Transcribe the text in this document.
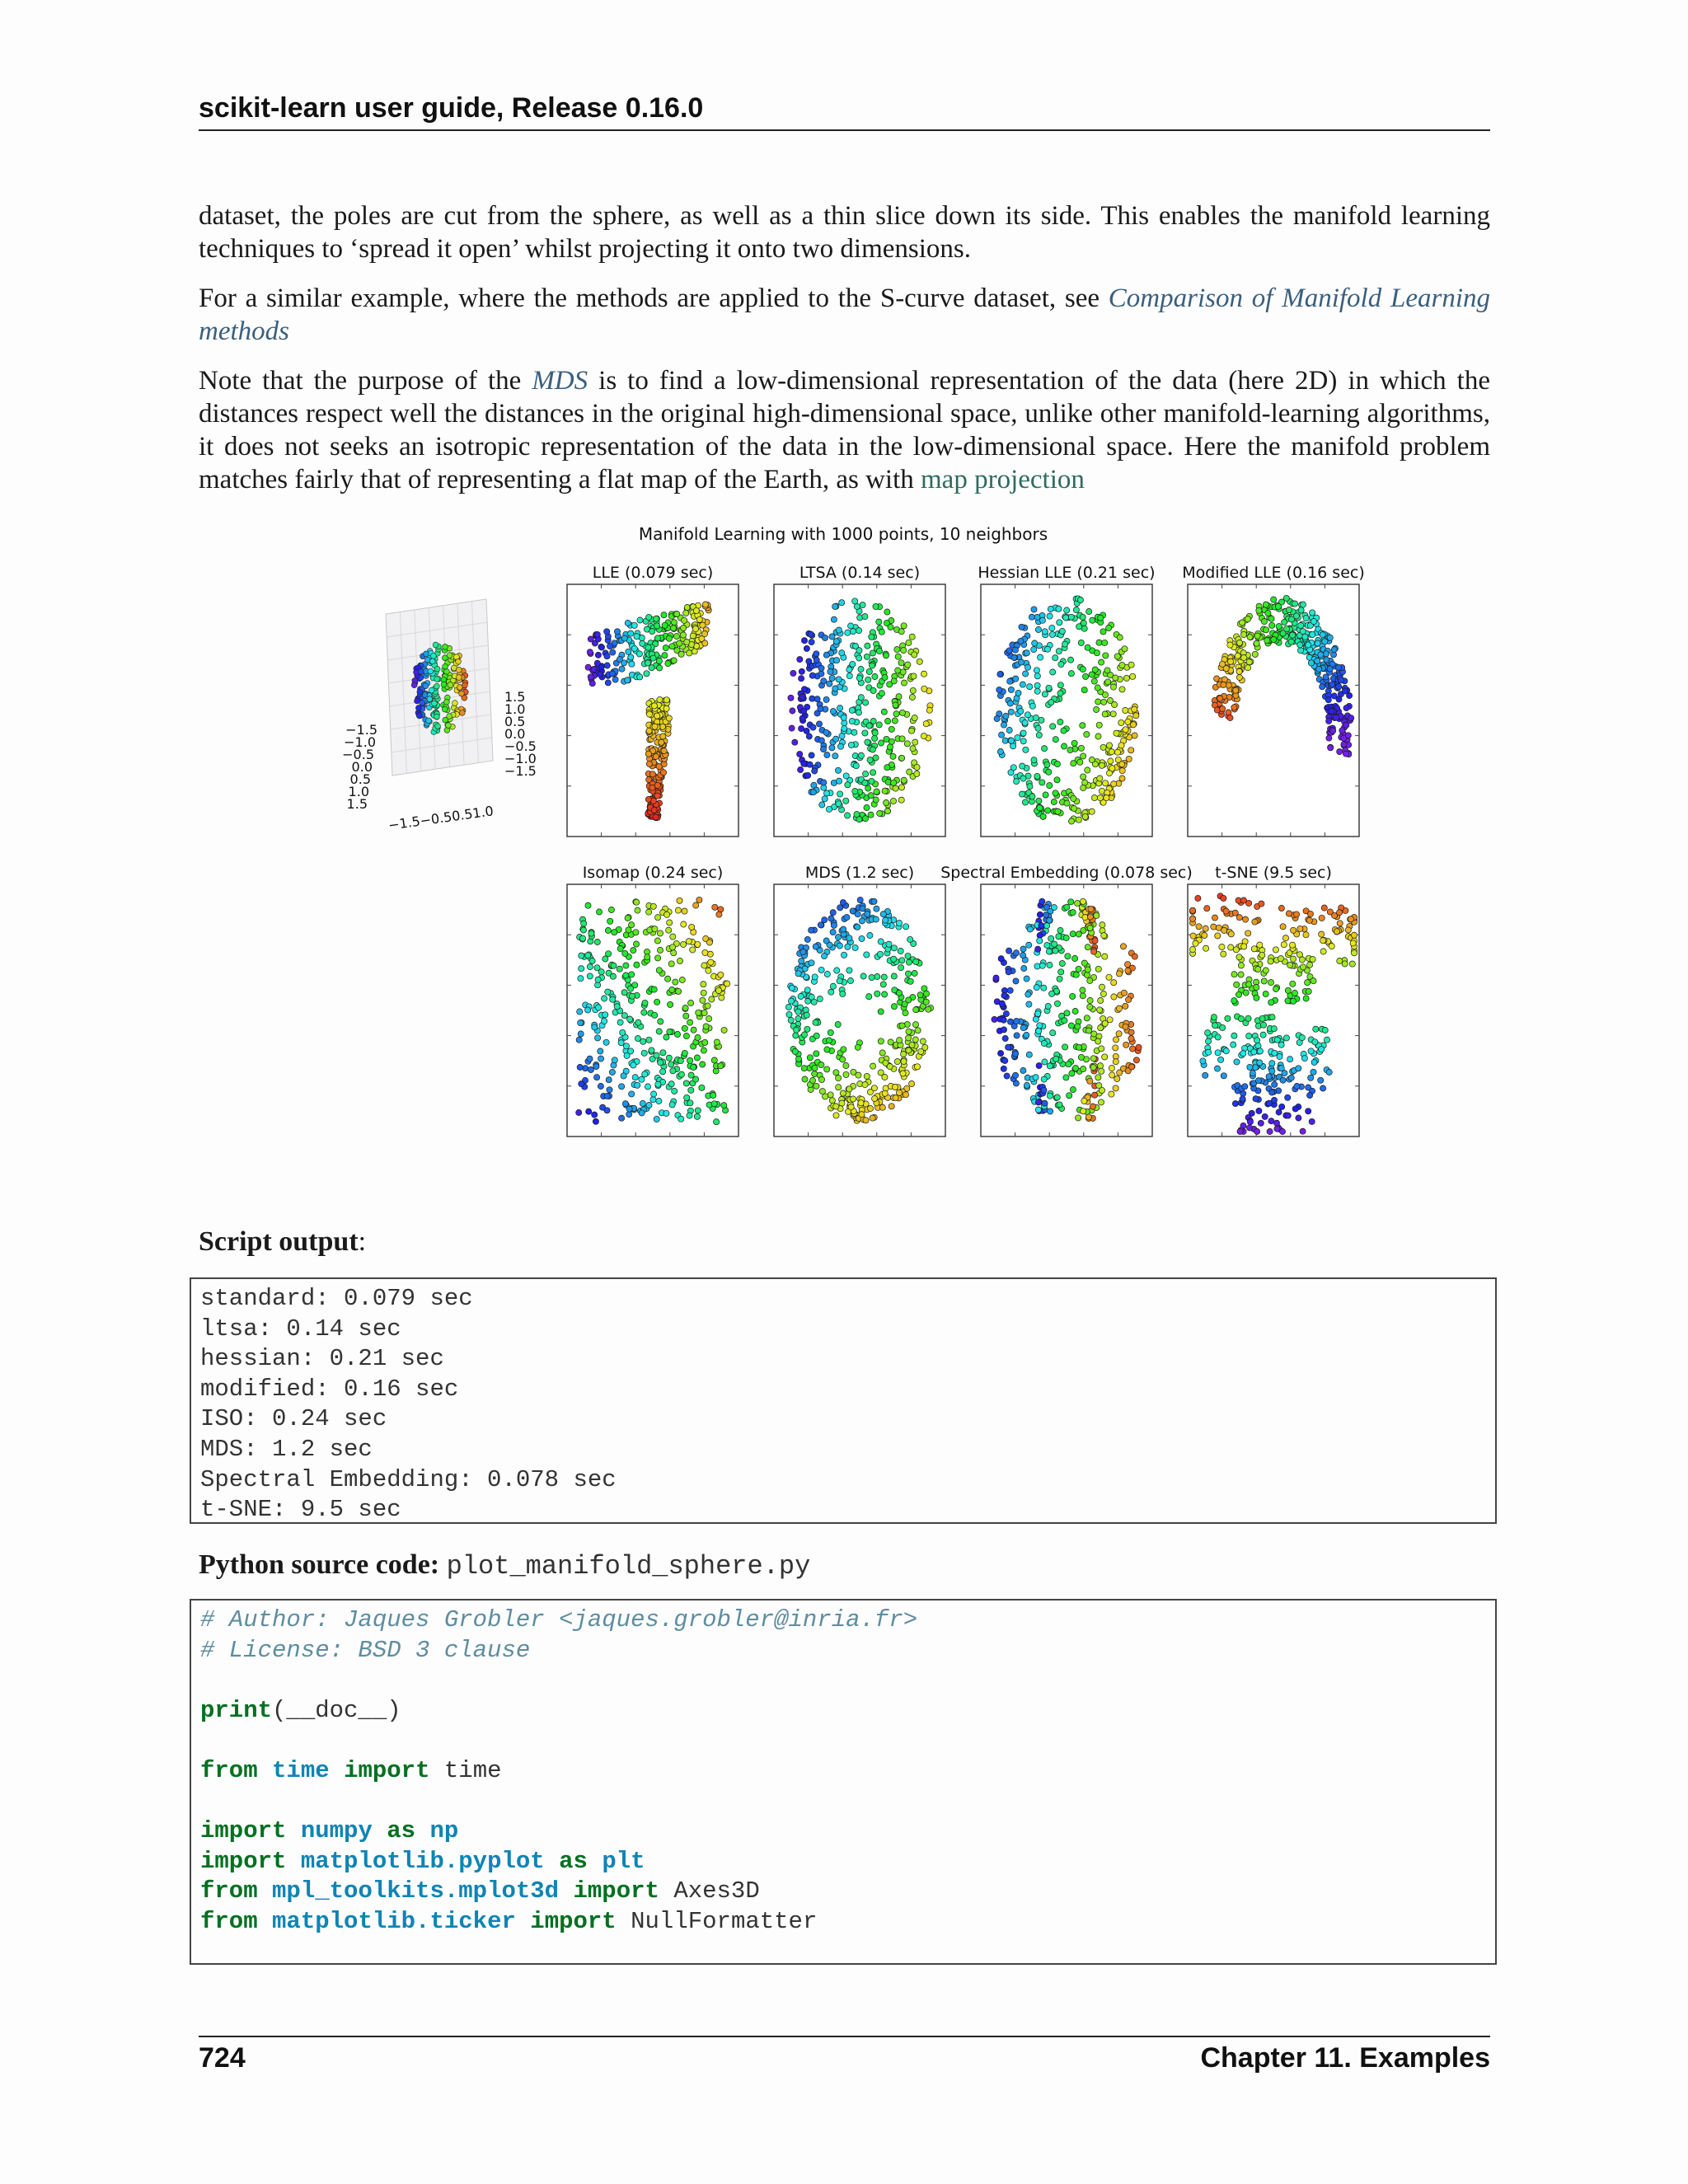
scikit-learn user guide, Release 0.16.0
dataset, the poles are cut from the sphere, as well as a thin slice down its side. This enables the manifold learning techniques to ‘spread it open’ whilst projecting it onto two dimensions.
For a similar example, where the methods are applied to the S-curve dataset, see Comparison of Manifold Learning methods
Note that the purpose of the MDS is to find a low-dimensional representation of the data (here 2D) in which the distances respect well the distances in the original high-dimensional space, unlike other manifold-learning algorithms, it does not seeks an isotropic representation of the data in the low-dimensional space. Here the manifold problem matches fairly that of representing a flat map of the Earth, as with map projection
Manifold Learning with 1000 points, 10 neighbors
−1.5
−1.0
−0.5
0.0
0.5
1.0
1.5
1.5
1.0
0.5
0.0
−0.5
−1.0
−1.5
−1.5−0.50.51.0
LLE (0.079 sec)	LTSA (0.14 sec)	Hessian LLE (0.21 sec) Modified LLE (0.16 sec)
Isomap (0.24 sec)	MDS (1.2 sec) Spectral Embedding (0.078 sec) t-SNE (9.5 sec)
Script output:
standard: 0.079 sec
ltsa: 0.14 sec
hessian: 0.21 sec
modified: 0.16 sec
ISO: 0.24 sec
MDS: 1.2 sec
Spectral Embedding: 0.078 sec
t-SNE: 9.5 sec
Python source code: plot_manifold_sphere.py
# Author: Jaques Grobler <jaques.grobler@inria.fr>
# License: BSD 3 clause

print(__doc__)

from time import time

import numpy as np
import matplotlib.pyplot as plt
from mpl_toolkits.mplot3d import Axes3D
from matplotlib.ticker import NullFormatter
724	Chapter 11. Examples
